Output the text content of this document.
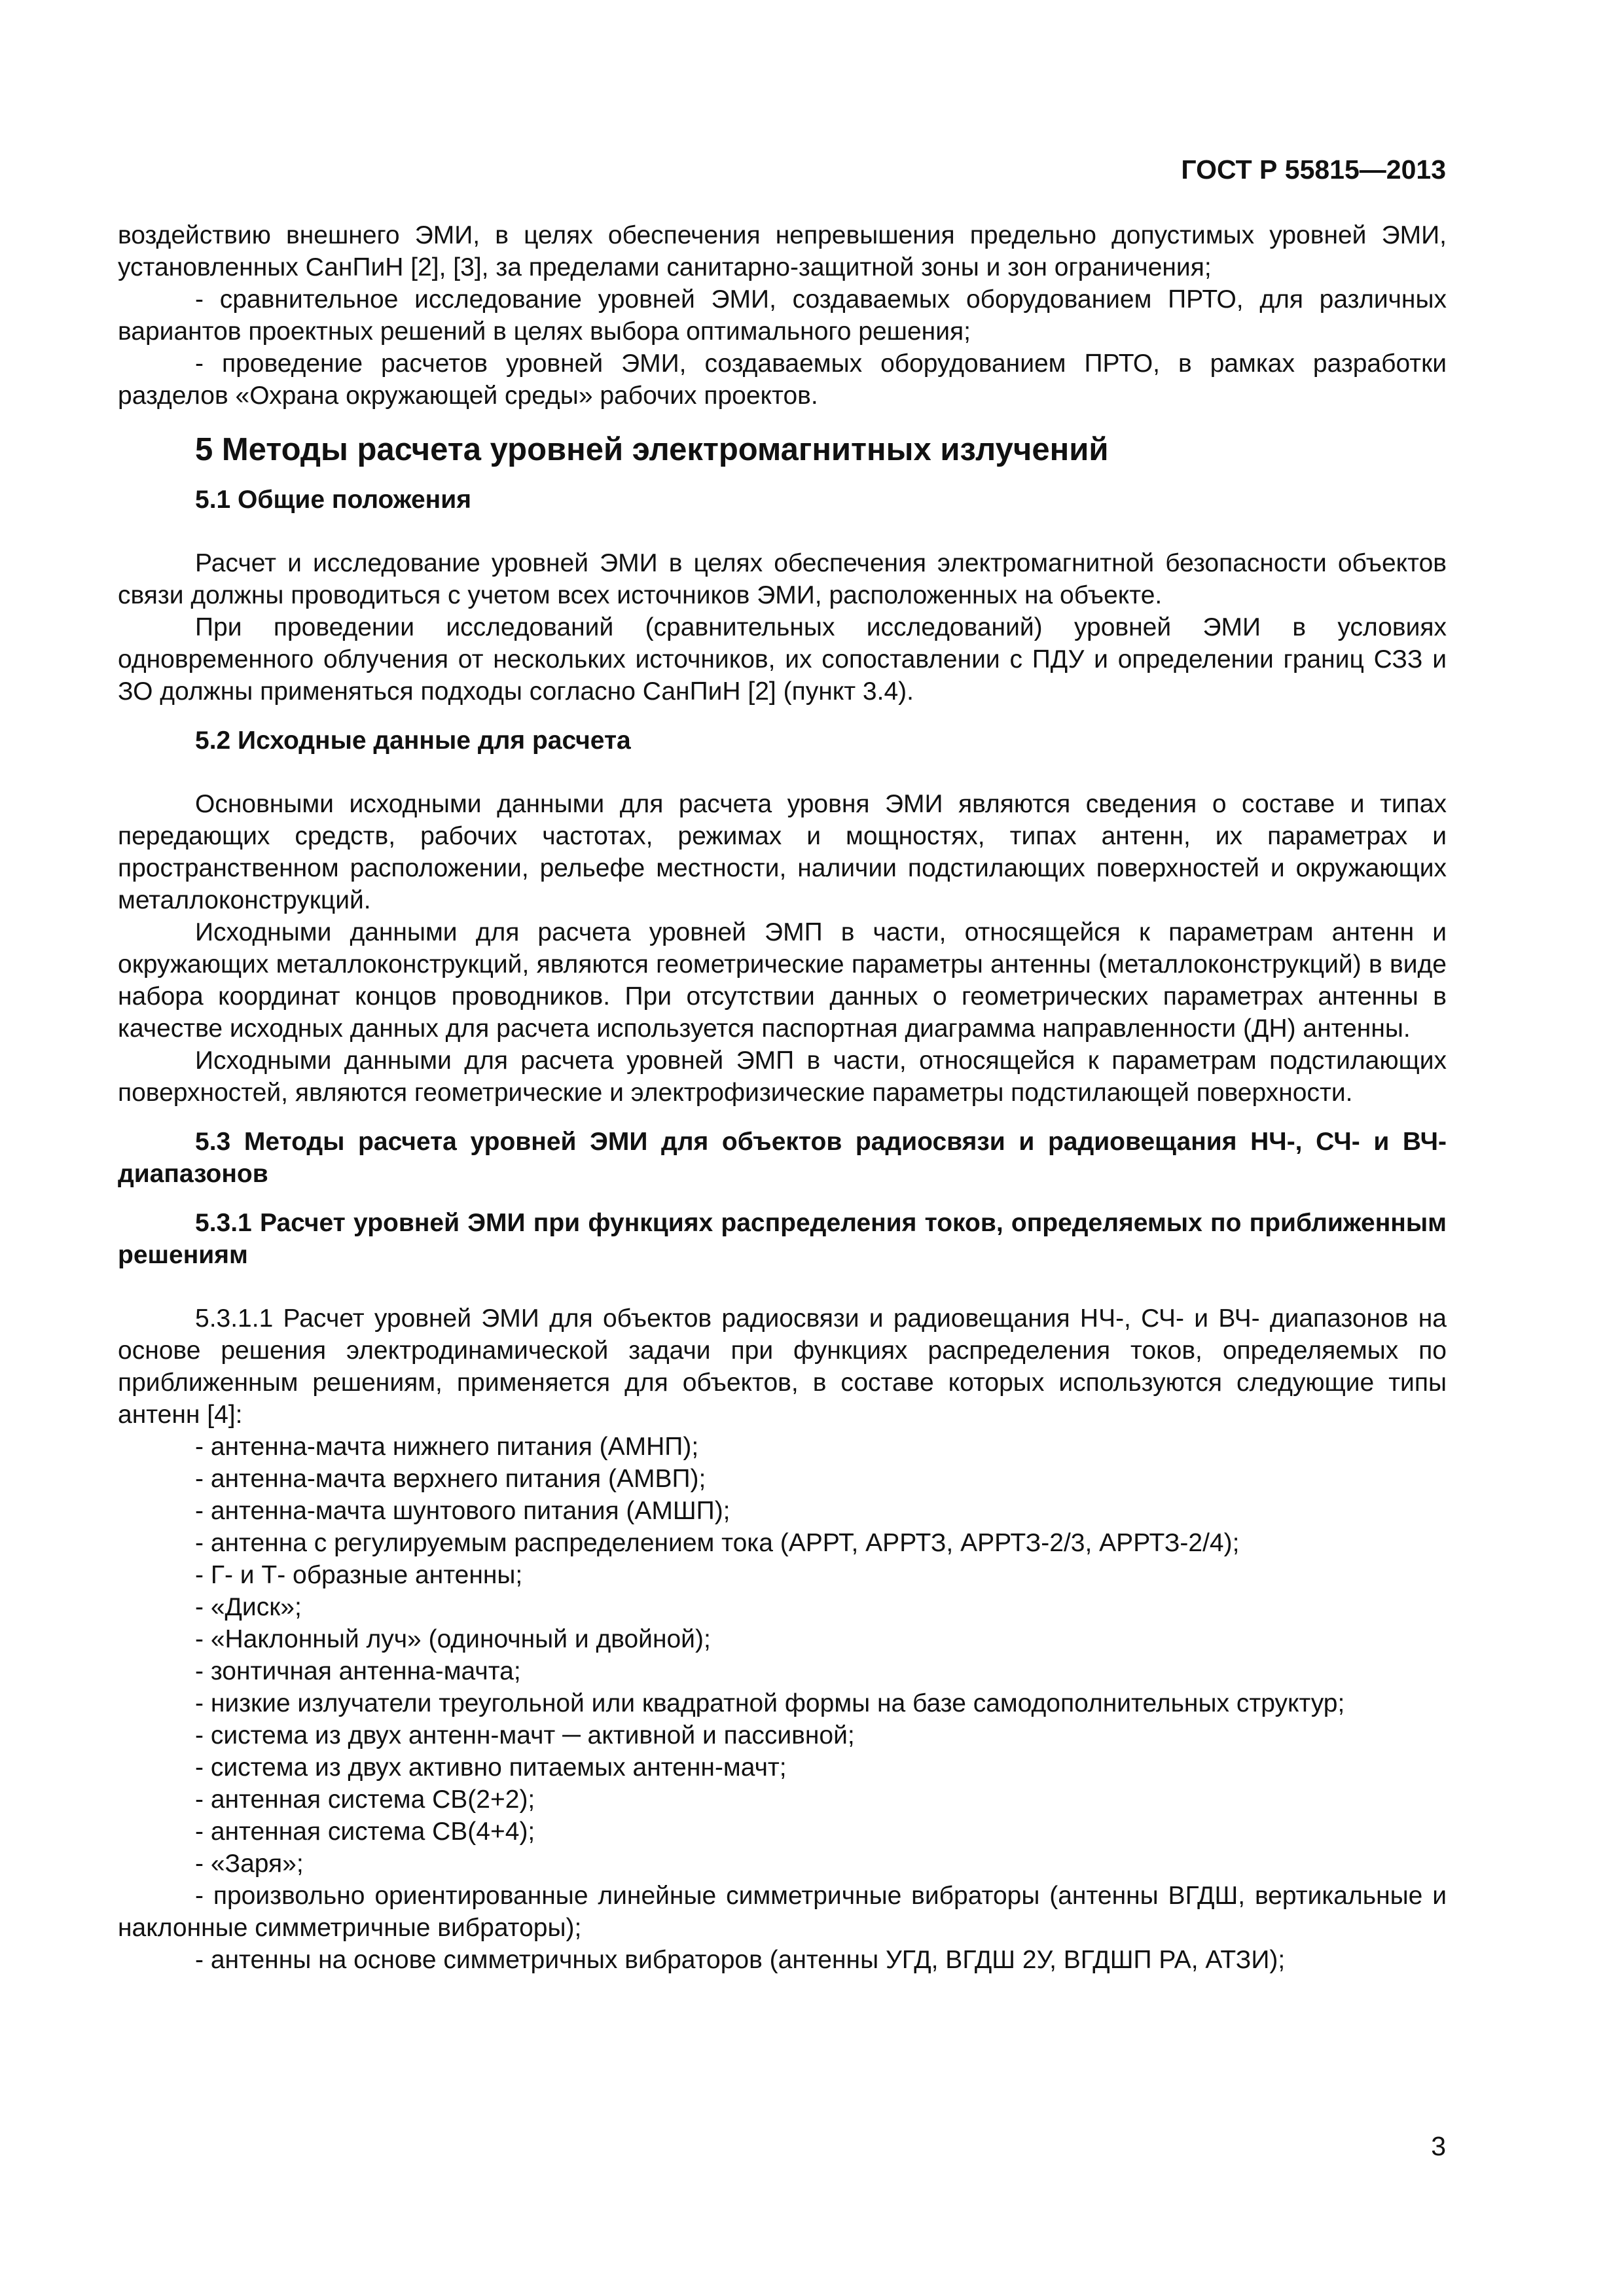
ГОСТ Р 55815—2013

воздействию внешнего ЭМИ, в целях обеспечения непревышения предельно допустимых уровней ЭМИ, установленных СанПиН [2], [3], за пределами санитарно-защитной зоны и зон ограничения;

- сравнительное исследование уровней ЭМИ, создаваемых оборудованием ПРТО, для различных вариантов проектных решений в целях выбора оптимального решения;

- проведение расчетов уровней ЭМИ, создаваемых оборудованием ПРТО, в рамках разработки разделов «Охрана окружающей среды» рабочих проектов.

5 Методы расчета уровней электромагнитных излучений
5.1 Общие положения

Расчет и исследование уровней ЭМИ в целях обеспечения электромагнитной безопасности объектов связи должны проводиться с учетом всех источников ЭМИ, расположенных на объекте.

При проведении исследований (сравнительных исследований) уровней ЭМИ в условиях одновременного облучения от нескольких источников, их сопоставлении с ПДУ и определении границ СЗЗ и ЗО должны применяться подходы согласно СанПиН [2] (пункт 3.4).

5.2 Исходные данные для расчета

Основными исходными данными для расчета уровня ЭМИ являются сведения о составе и типах передающих средств, рабочих частотах, режимах и мощностях, типах антенн, их параметрах и пространственном расположении, рельефе местности, наличии подстилающих поверхностей и окружающих металлоконструкций.

Исходными данными для расчета уровней ЭМП в части, относящейся к параметрам антенн и окружающих металлоконструкций, являются геометрические параметры антенны (металлоконструкций) в виде набора координат концов проводников. При отсутствии данных о геометрических параметрах антенны в качестве исходных данных для расчета используется паспортная диаграмма направленности (ДН) антенны.

Исходными данными для расчета уровней ЭМП в части, относящейся к параметрам подстилающих поверхностей, являются геометрические и электрофизические параметры подстилающей поверхности.

5.3 Методы расчета уровней ЭМИ для объектов радиосвязи и радиовещания НЧ-, СЧ- и ВЧ- диапазонов
5.3.1 Расчет уровней ЭМИ при функциях распределения токов, определяемых по приближенным решениям

5.3.1.1 Расчет уровней ЭМИ для объектов радиосвязи и радиовещания НЧ-, СЧ- и ВЧ- диапазонов на основе решения электродинамической задачи при функциях распределения токов, определяемых по приближенным решениям, применяется для объектов, в составе которых используются следующие типы антенн [4]:

- антенна-мачта нижнего питания (АМНП);
- антенна-мачта верхнего питания (АМВП);
- антенна-мачта шунтового питания (АМШП);
- антенна с регулируемым распределением тока (АРРТ, АРРТЗ, АРРТЗ-2/3, АРРТЗ-2/4);
- Г- и Т- образные антенны;
- «Диск»;
- «Наклонный луч» (одиночный и двойной);
- зонтичная антенна-мачта;
- низкие излучатели треугольной или квадратной формы на базе самодополнительных структур;
- система из двух антенн-мачт ─ активной и пассивной;
- система из двух активно питаемых антенн-мачт;
- антенная система СВ(2+2);
- антенная система СВ(4+4);
- «Заря»;
- произвольно ориентированные линейные симметричные вибраторы (антенны ВГДШ, вертикальные и наклонные симметричные вибраторы);
- антенны на основе симметричных вибраторов (антенны УГД, ВГДШ 2У, ВГДШП РА, АТЗИ);
3
